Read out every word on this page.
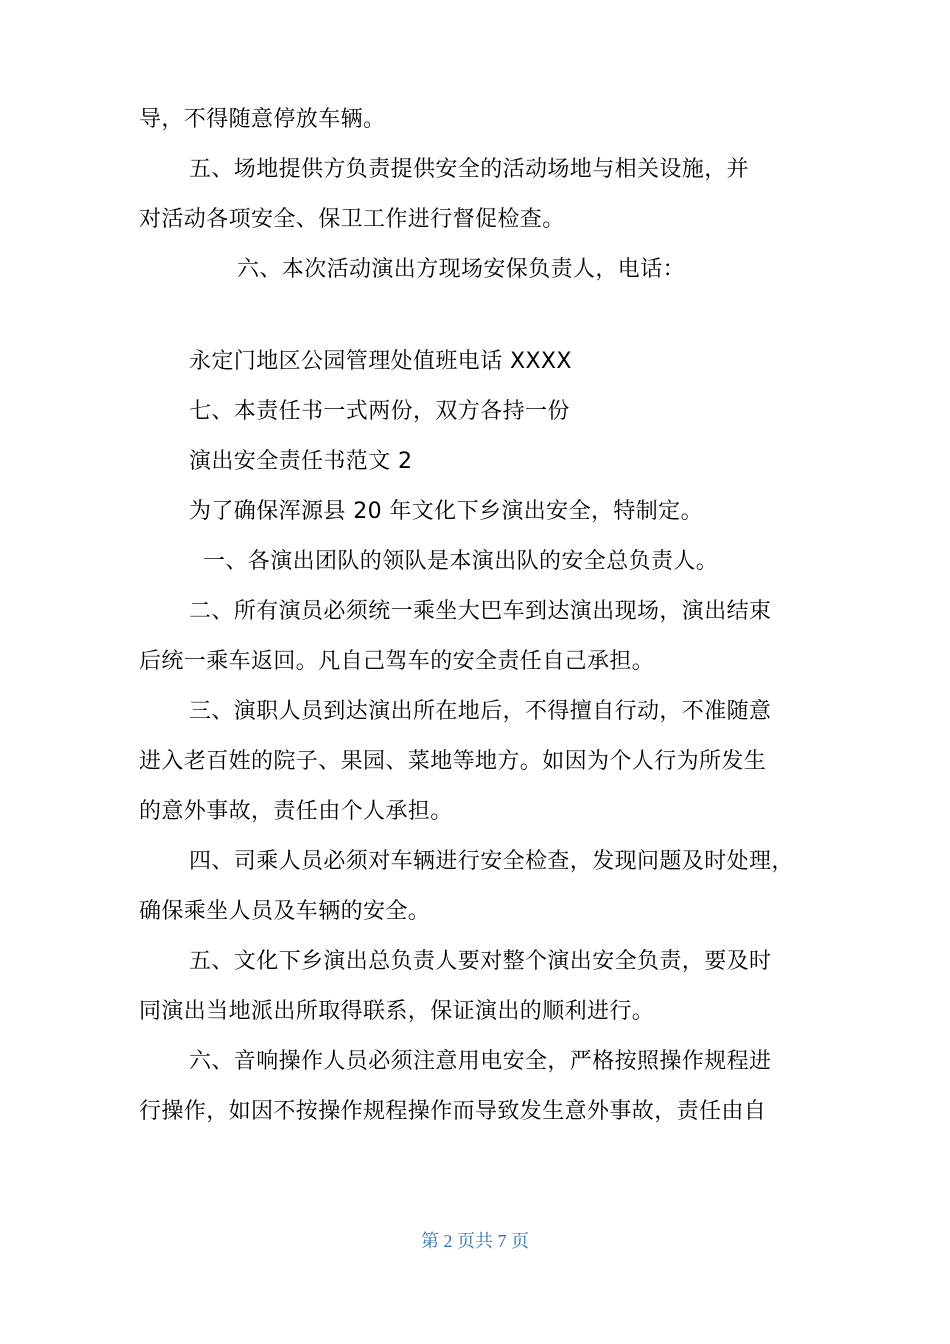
导，不得随意停放车辆。
五、场地提供方负责提供安全的活动场地与相关设施，并
对活动各项安全、保卫工作进行督促检查。
六、本次活动演出方现场安保负责人，电话：
永定门地区公园管理处值班电话 XXXX
七、本责任书一式两份，双方各持一份
演出安全责任书范文 2
为了确保浑源县 20 年文化下乡演出安全，特制定。
一、各演出团队的领队是本演出队的安全总负责人。
二、所有演员必须统一乘坐大巴车到达演出现场，演出结束
后统一乘车返回。凡自己驾车的安全责任自己承担。
三、演职人员到达演出所在地后，不得擅自行动，不准随意
进入老百姓的院子、果园、菜地等地方。如因为个人行为所发生
的意外事故，责任由个人承担。
四、司乘人员必须对车辆进行安全检查，发现问题及时处理，
确保乘坐人员及车辆的安全。
五、文化下乡演出总负责人要对整个演出安全负责，要及时
同演出当地派出所取得联系，保证演出的顺利进行。
六、音响操作人员必须注意用电安全，严格按照操作规程进
行操作，如因不按操作规程操作而导致发生意外事故，责任由自
第 2 页共 7 页
